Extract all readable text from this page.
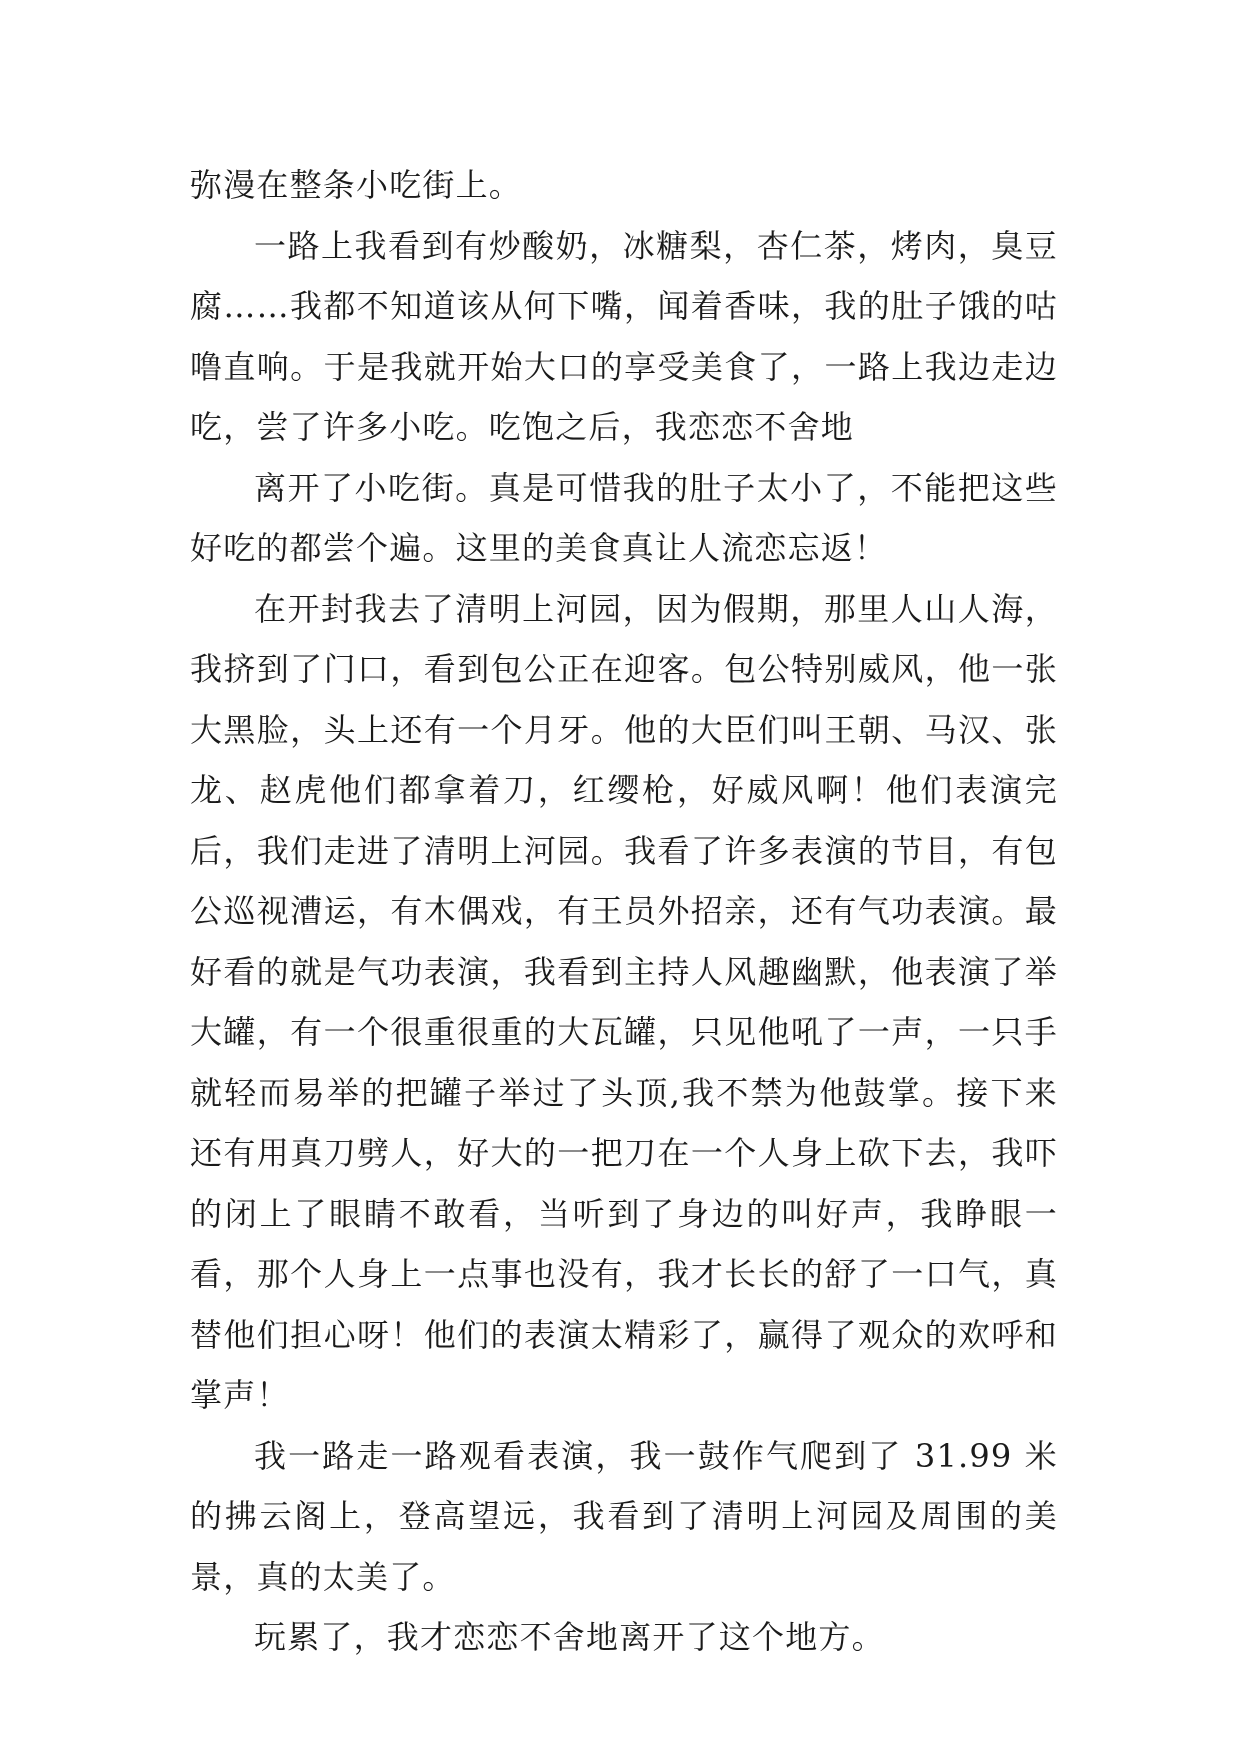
弥漫在整条小吃街上。

一路上我看到有炒酸奶，冰糖梨，杏仁茶，烤肉，臭豆腐……我都不知道该从何下嘴，闻着香味，我的肚子饿的咕噜直响。于是我就开始大口的享受美食了，一路上我边走边吃，尝了许多小吃。吃饱之后，我恋恋不舍地

离开了小吃街。真是可惜我的肚子太小了，不能把这些好吃的都尝个遍。这里的美食真让人流恋忘返！

在开封我去了清明上河园，因为假期，那里人山人海，我挤到了门口，看到包公正在迎客。包公特别威风，他一张大黑脸，头上还有一个月牙。他的大臣们叫王朝、马汉、张龙、赵虎他们都拿着刀，红缨枪，好威风啊！他们表演完后，我们走进了清明上河园。我看了许多表演的节目，有包公巡视漕运，有木偶戏，有王员外招亲，还有气功表演。最好看的就是气功表演，我看到主持人风趣幽默，他表演了举大罐，有一个很重很重的大瓦罐，只见他吼了一声，一只手就轻而易举的把罐子举过了头顶,我不禁为他鼓掌。接下来还有用真刀劈人，好大的一把刀在一个人身上砍下去，我吓的闭上了眼睛不敢看，当听到了身边的叫好声，我睁眼一看，那个人身上一点事也没有，我才长长的舒了一口气，真替他们担心呀！他们的表演太精彩了，赢得了观众的欢呼和掌声！

我一路走一路观看表演，我一鼓作气爬到了 31.99 米的拂云阁上，登高望远，我看到了清明上河园及周围的美景，真的太美了。

玩累了，我才恋恋不舍地离开了这个地方。
